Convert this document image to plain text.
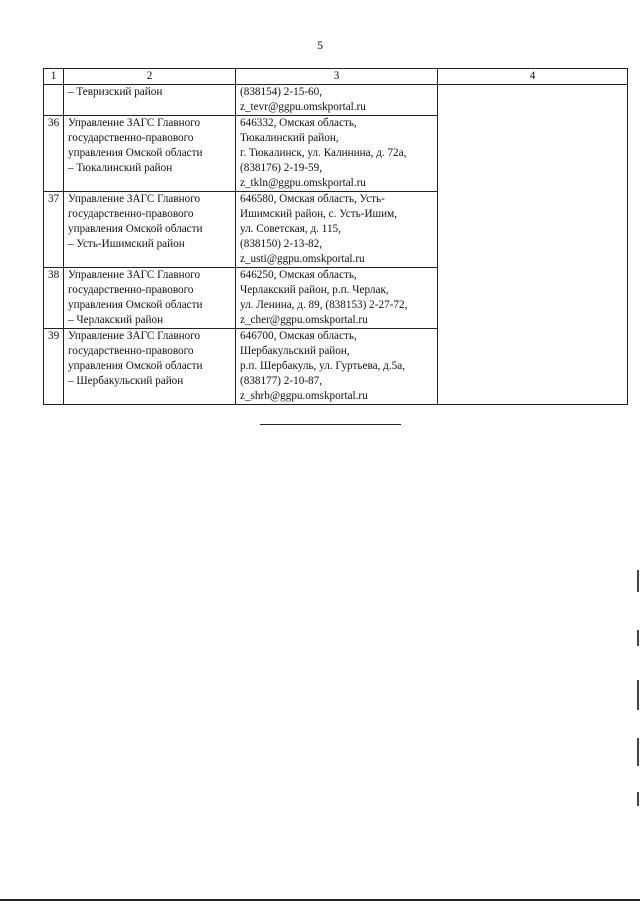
5
1	2	3	4

	– Тевризский район	(838154) 2-15-60,
z_tevr@ggpu.omskportal.ru	

36	Управление ЗАГС Главного
государственно-правового
управления Омской области
– Тюкалинский район	646332, Омская область,
Тюкалинский район,
г. Тюкалинск, ул. Калинина, д. 72а,
(838176) 2-19-59,
z_tkln@ggpu.omskportal.ru	

37	Управление ЗАГС Главного
государственно-правового
управления Омской области
– Усть-Ишимский район	646580, Омская область, Усть-
Ишимский район, с. Усть-Ишим,
ул. Советская, д. 115,
(838150) 2-13-82,
z_usti@ggpu.omskportal.ru	

38	Управление ЗАГС Главного
государственно-правового
управления Омской области
– Черлакский район	646250, Омская область,
Черлакский район, р.п. Черлак,
ул. Ленина, д. 89, (838153) 2-27-72,
z_cher@ggpu.omskportal.ru	

39	Управление ЗАГС Главного
государственно-правового
управления Омской области
– Шербакульский район	646700, Омская область,
Шербакульский район,
р.п. Шербакуль, ул. Гуртьева, д.5а,
(838177) 2-10-87,
z_shrb@ggpu.omskportal.ru	
